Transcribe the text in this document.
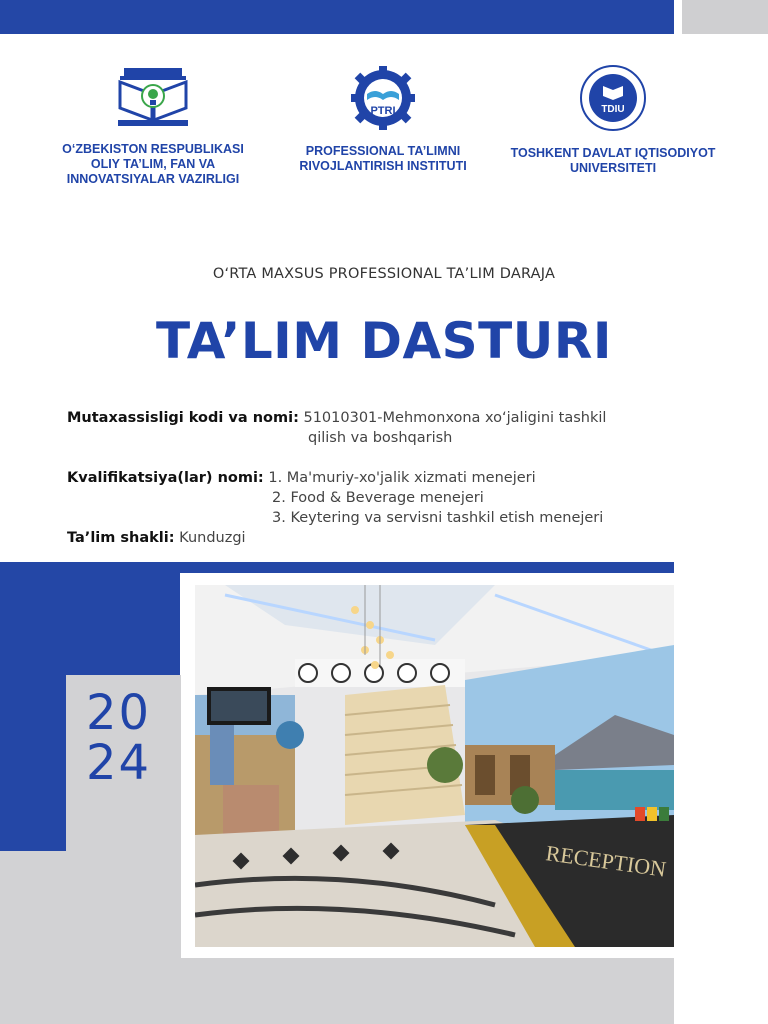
O‘ZBEKISTON RESPUBLIKASI
OLIY TA’LIM, FAN VA
INNOVATSIYALAR VAZIRLIGI
PTRI
PROFESSIONAL TA’LIMNI
RIVOJLANTIRISH INSTITUTI
TDIU
TOSHKENT DAVLAT IQTISODIYOT
UNIVERSITETI
O‘RTA MAXSUS PROFESSIONAL TA’LIM DARAJA
TA’LIM DASTURI
Mutaxassisligi kodi va nomi: 51010301-Mehmonxona xo‘jaligini tashkil
qilish va boshqarish
Kvalifikatsiya(lar) nomi: 1. Ma'muriy-xo'jalik xizmati menejeri
2. Food & Beverage menejeri
3. Keytering va servisni tashkil etish menejeri
Ta’lim shakli: Kunduzgi
20
24
RECEPTION
